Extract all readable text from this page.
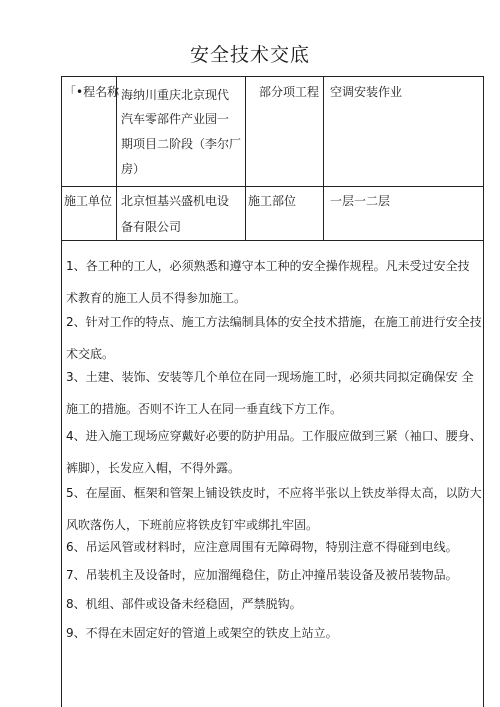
安全技术交底
「•程名称 海纳川重庆北京现代
汽车零部件产业园一
期项目二阶段（李尔厂
房）
部分项工程 空调安装作业
施工单位 北京恒基兴盛机电设
备有限公司
施工部位	一层一二层
1、各工种的工人，必须熟悉和遵守本工种的安全操作规程。凡未受过安全技
术教育的施工人员不得参加施工。
2、针对工作的特点、施工方法编制具体的安全技术措施，在施工前进行安全技
术交底。
3、土建、装饰、安装等几个单位在同一现场施工时，必须共同拟定确保安 全
施工的措施。否则不许工人在同一垂直线下方工作。
4、进入施工现场应穿戴好必要的防护用品。工作服应做到三紧（袖口、腰身、
裤脚），长发应入帽，不得外露。
5、在屋面、框架和管架上铺设铁皮时，不应将半张以上铁皮举得太高，以防大
风吹落伤人，下班前应将铁皮钉牢或绑扎牢固。
6、吊运风管或材料时，应注意周围有无障碍物，特别注意不得碰到电线。
7、吊装机主及设备时，应加溜绳稳住，防止冲撞吊装设备及被吊装物品。
8、机组、部件或设备未经稳固，严禁脱钩。
9、不得在未固定好的管道上或架空的铁皮上站立。
